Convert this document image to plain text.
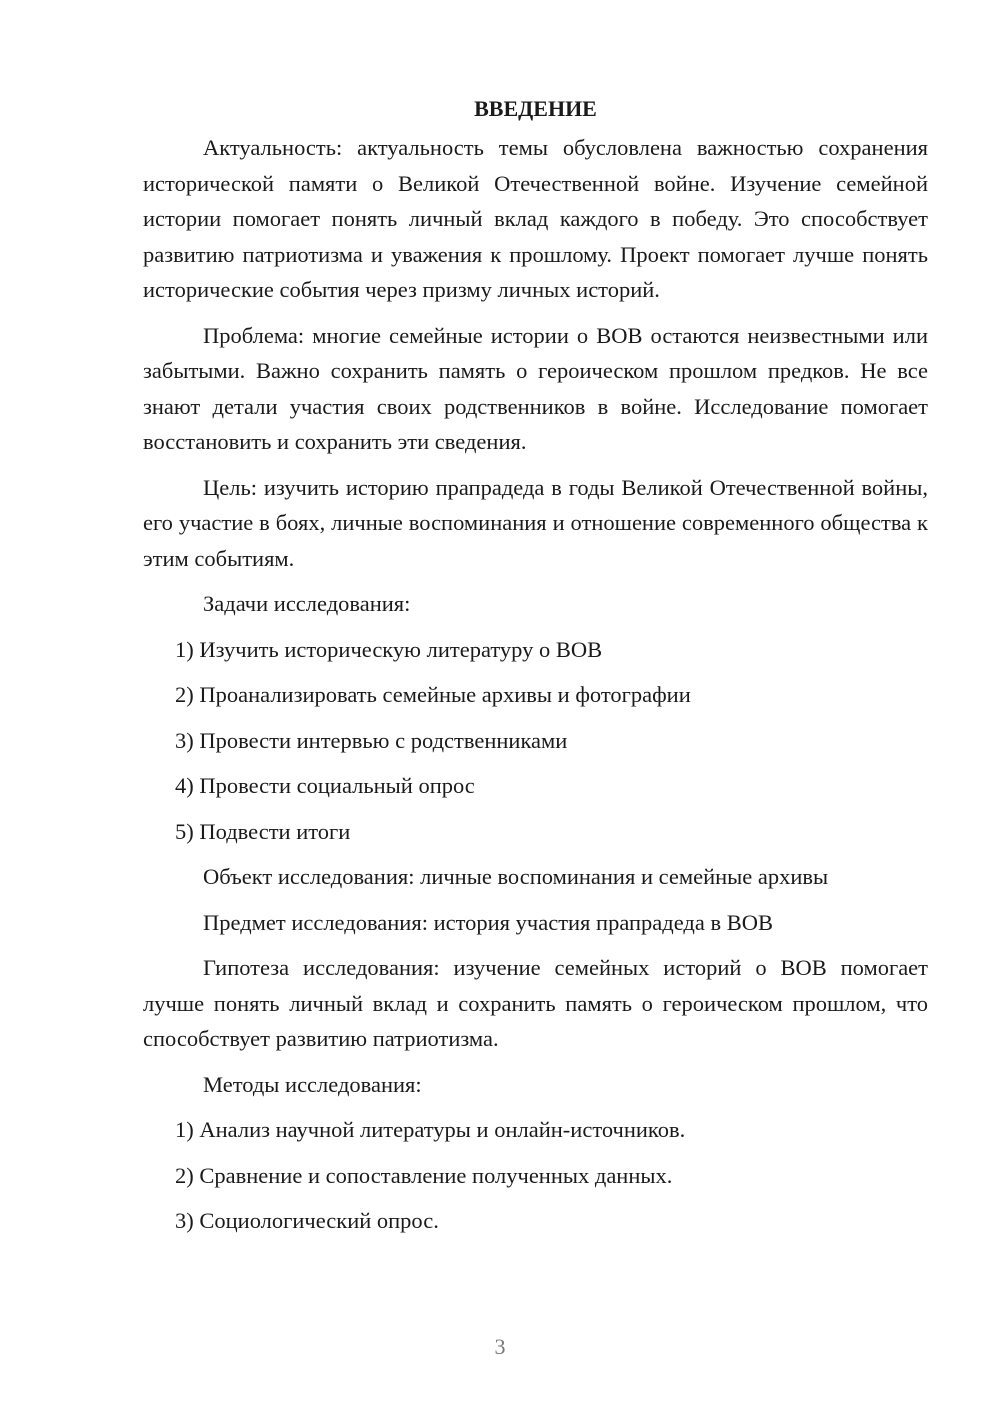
ВВЕДЕНИЕ

Актуальность: актуальность темы обусловлена важностью сохранения исторической памяти о Великой Отечественной войне. Изучение семейной истории помогает понять личный вклад каждого в победу. Это способствует развитию патриотизма и уважения к прошлому. Проект помогает лучше понять исторические события через призму личных историй.

Проблема: многие семейные истории о ВОВ остаются неизвестными или забытыми. Важно сохранить память о героическом прошлом предков. Не все знают детали участия своих родственников в войне. Исследование помогает восстановить и сохранить эти сведения.

Цель: изучить историю прапрадеда в годы Великой Отечественной войны, его участие в боях, личные воспоминания и отношение современного общества к этим событиям.

Задачи исследования:

1) Изучить историческую литературу о ВОВ
2) Проанализировать семейные архивы и фотографии
3) Провести интервью с родственниками
4) Провести социальный опрос
5) Подвести итоги

Объект исследования: личные воспоминания и семейные архивы

Предмет исследования: история участия прапрадеда в ВОВ

Гипотеза исследования: изучение семейных историй о ВОВ помогает лучше понять личный вклад и сохранить память о героическом прошлом, что способствует развитию патриотизма.

Методы исследования:

1) Анализ научной литературы и онлайн-источников.
2) Сравнение и сопоставление полученных данных.
3) Социологический опрос.
3
